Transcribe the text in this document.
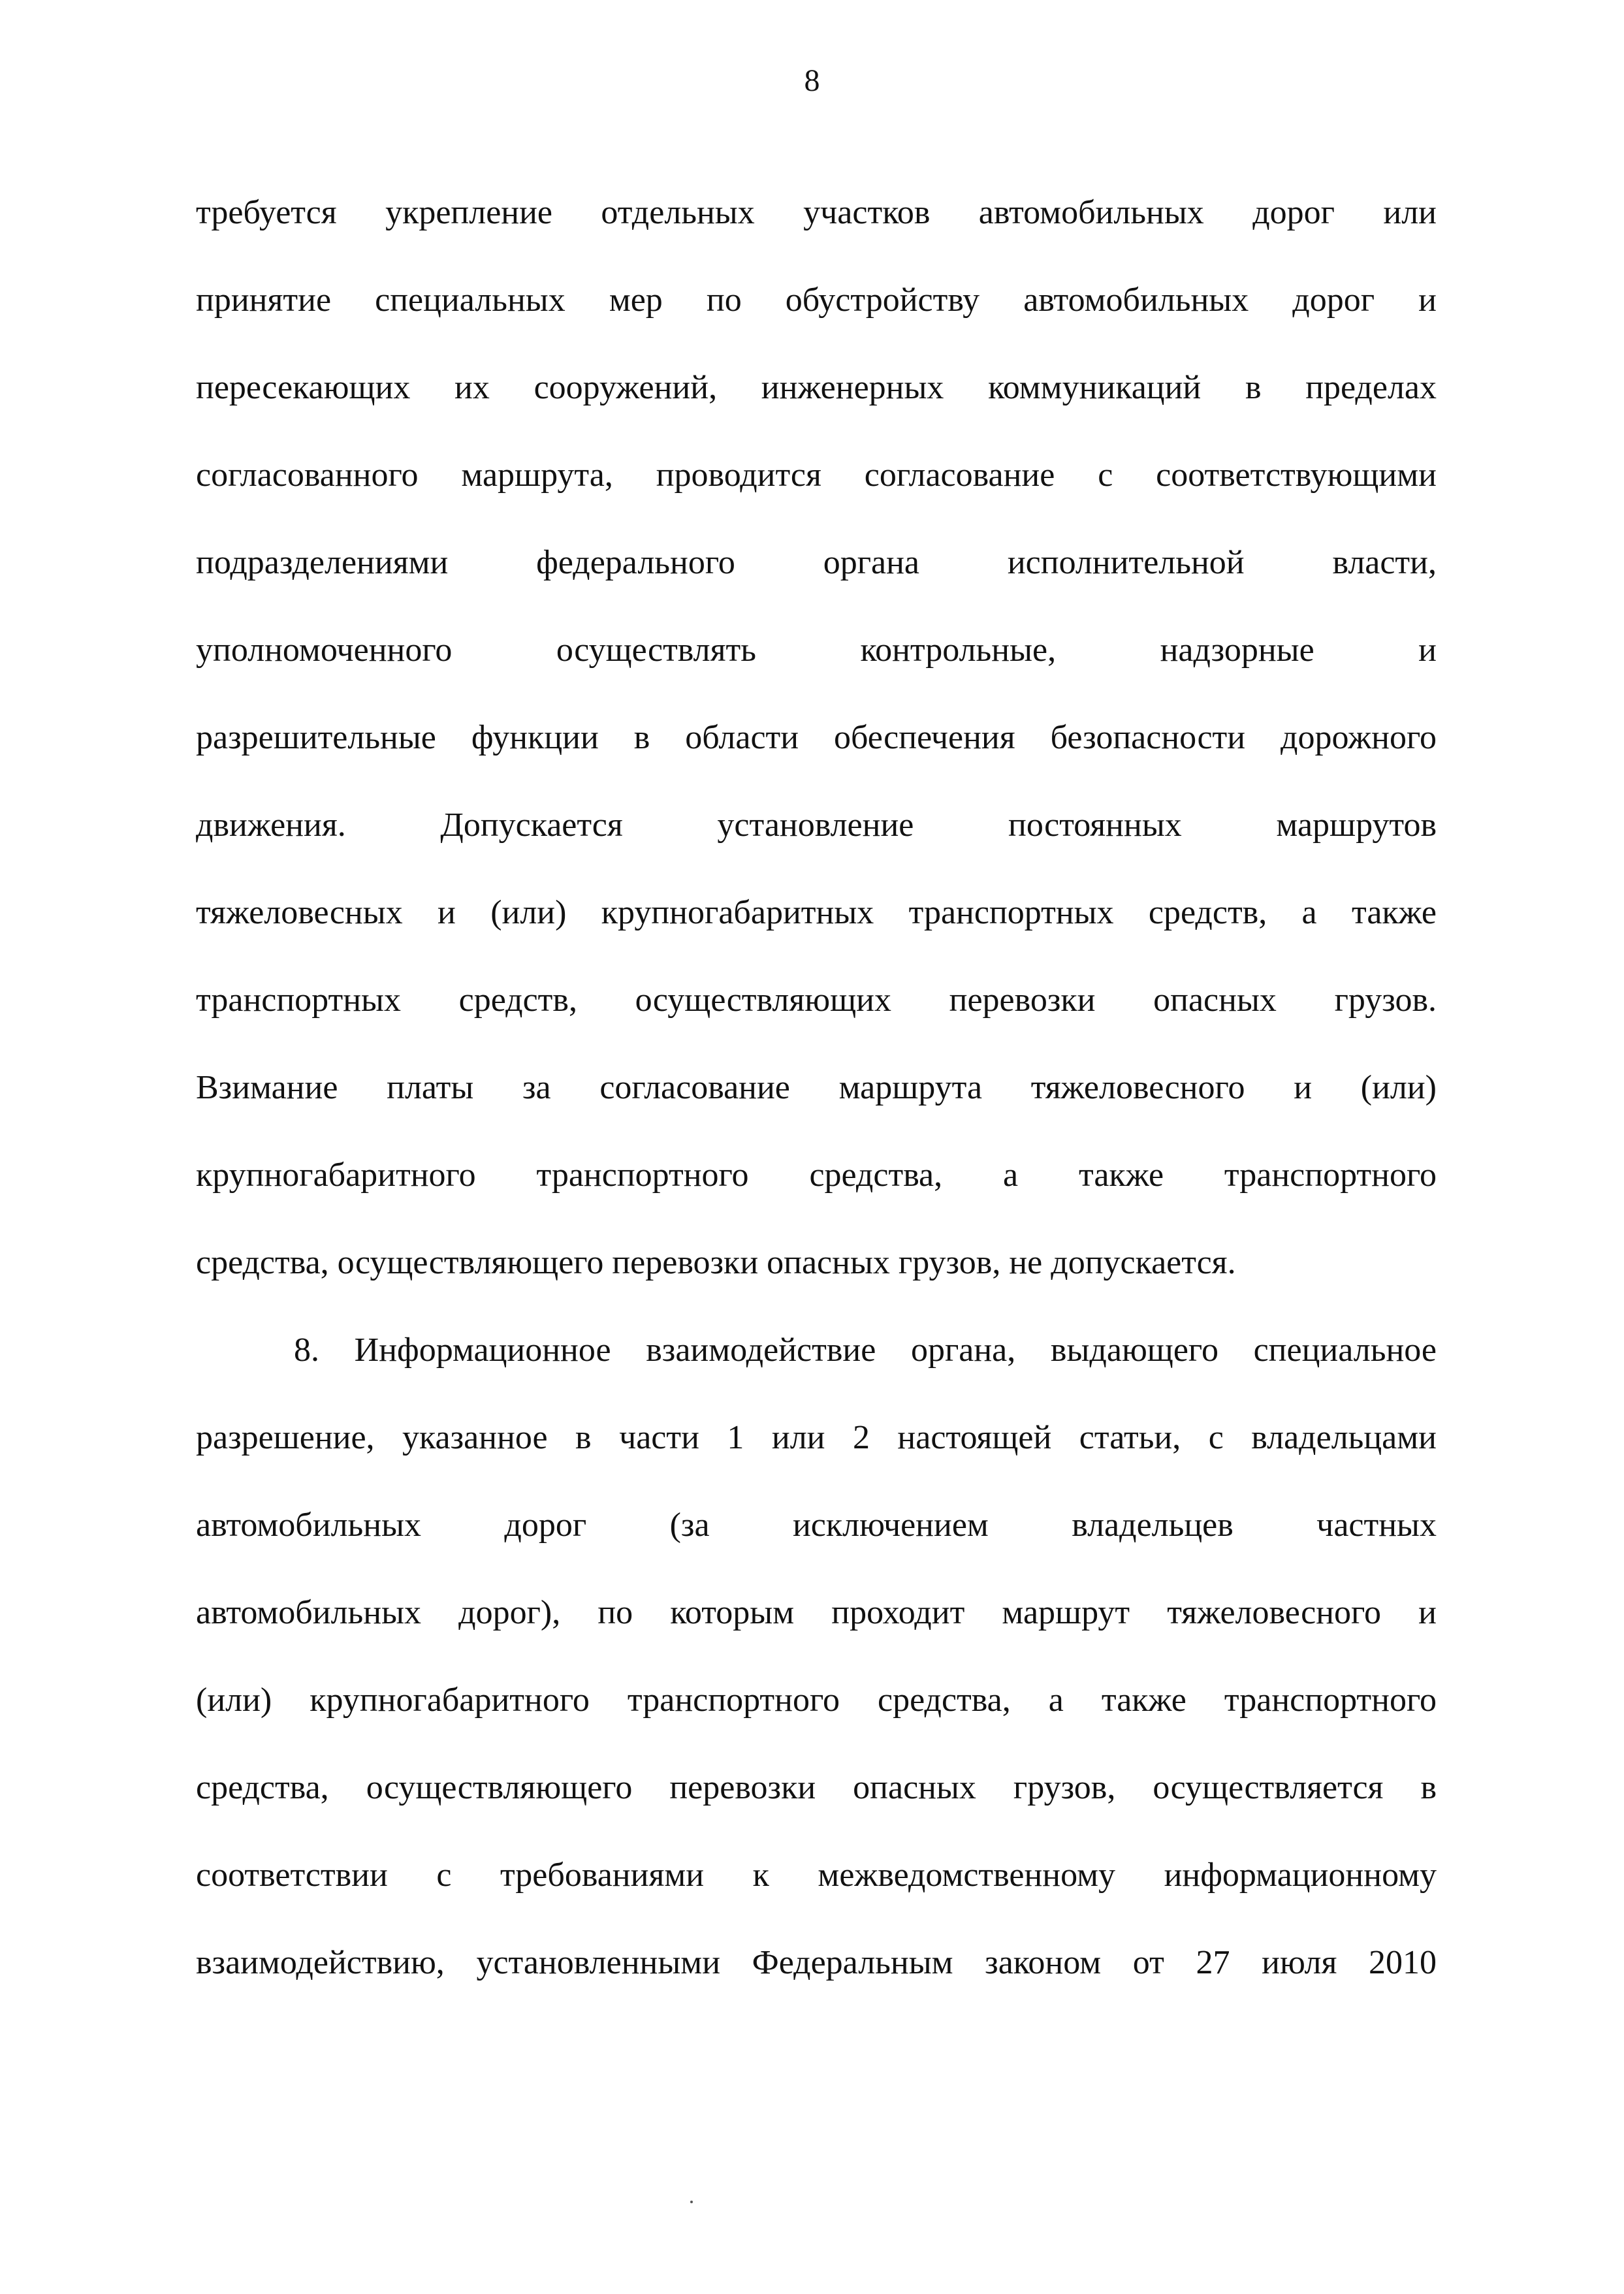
8
требуется укрепление отдельных участков автомобильных дорог или
принятие специальных мер по обустройству автомобильных дорог и
пересекающих их сооружений, инженерных коммуникаций в пределах
согласованного маршрута, проводится согласование с соответствующими
подразделениями федерального органа исполнительной власти,
уполномоченного осуществлять контрольные, надзорные и
разрешительные функции в области обеспечения безопасности дорожного
движения. Допускается установление постоянных маршрутов
тяжеловесных и (или) крупногабаритных транспортных средств, а также
транспортных средств, осуществляющих перевозки опасных грузов.
Взимание платы за согласование маршрута тяжеловесного и (или)
крупногабаритного транспортного средства, а также транспортного
средства, осуществляющего перевозки опасных грузов, не допускается.
8. Информационное взаимодействие органа, выдающего специальное
разрешение, указанное в части 1 или 2 настоящей статьи, с владельцами
автомобильных дорог (за исключением владельцев частных
автомобильных дорог), по которым проходит маршрут тяжеловесного и
(или) крупногабаритного транспортного средства, а также транспортного
средства, осуществляющего перевозки опасных грузов, осуществляется в
соответствии с требованиями к межведомственному информационному
взаимодействию, установленными Федеральным законом от 27 июля 2010
